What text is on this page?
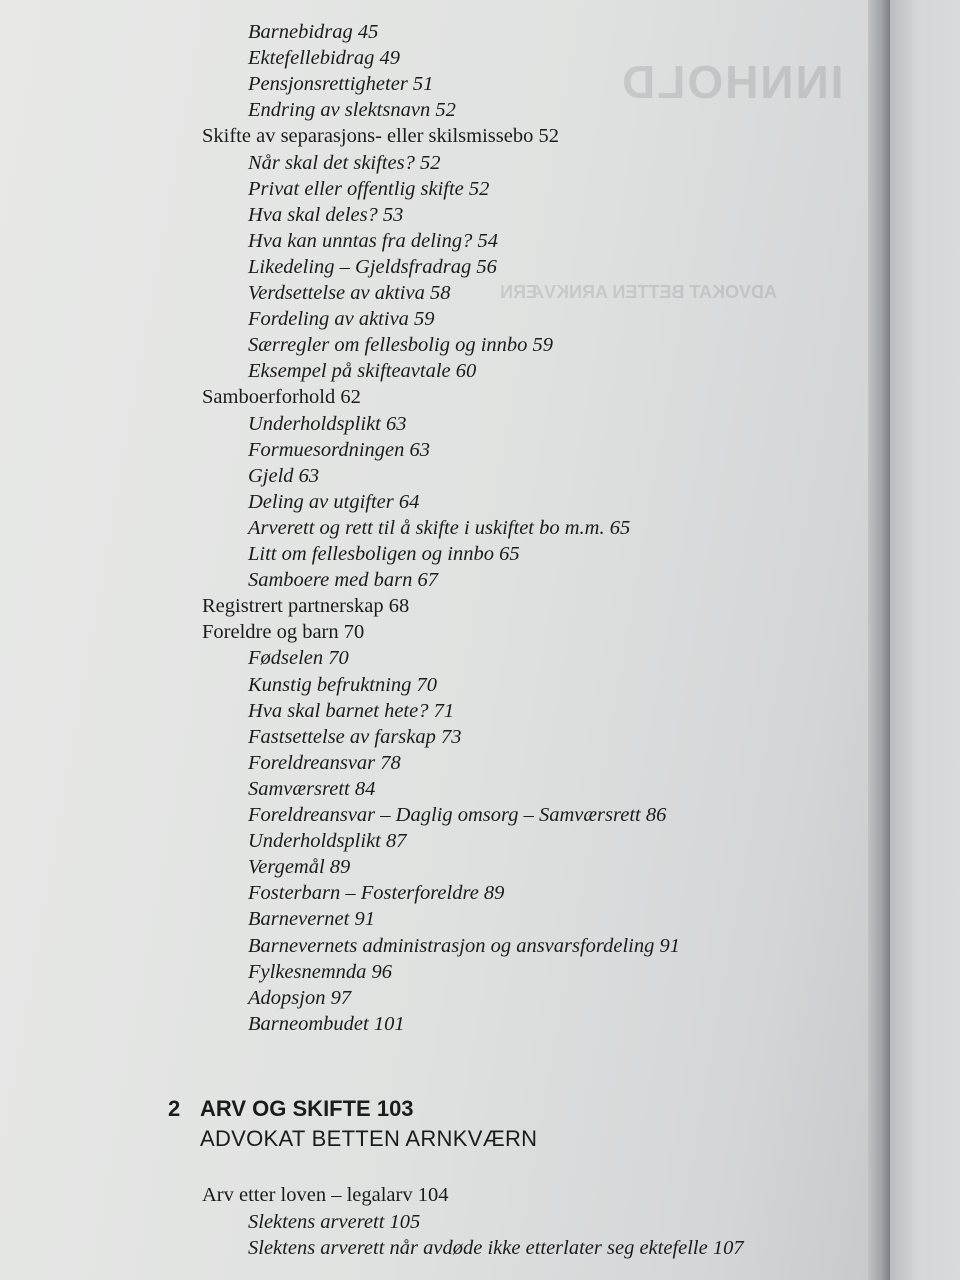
INNHOLD
ADVOKAT BETTEN ARNKVÆRN
Barnebidrag 45
Ektefellebidrag 49
Pensjonsrettigheter 51
Endring av slektsnavn 52
Skifte av separasjons- eller skilsmissebo 52
Når skal det skiftes? 52
Privat eller offentlig skifte 52
Hva skal deles? 53
Hva kan unntas fra deling? 54
Likedeling – Gjeldsfradrag 56
Verdsettelse av aktiva 58
Fordeling av aktiva 59
Særregler om fellesbolig og innbo 59
Eksempel på skifteavtale 60
Samboerforhold 62
Underholdsplikt 63
Formuesordningen 63
Gjeld 63
Deling av utgifter 64
Arverett og rett til å skifte i uskiftet bo m.m. 65
Litt om fellesboligen og innbo 65
Samboere med barn 67
Registrert partnerskap 68
Foreldre og barn 70
Fødselen 70
Kunstig befruktning 70
Hva skal barnet hete? 71
Fastsettelse av farskap 73
Foreldreansvar 78
Samværsrett 84
Foreldreansvar – Daglig omsorg – Samværsrett 86
Underholdsplikt 87
Vergemål 89
Fosterbarn – Fosterforeldre 89
Barnevernet 91
Barnevernets administrasjon og ansvarsfordeling 91
Fylkesnemnda 96
Adopsjon 97
Barneombudet 101
2 ARV OG SKIFTE 103
ADVOKAT BETTEN ARNKVÆRN
Arv etter loven – legalarv 104
Slektens arverett 105
Slektens arverett når avdøde ikke etterlater seg ektefelle 107
